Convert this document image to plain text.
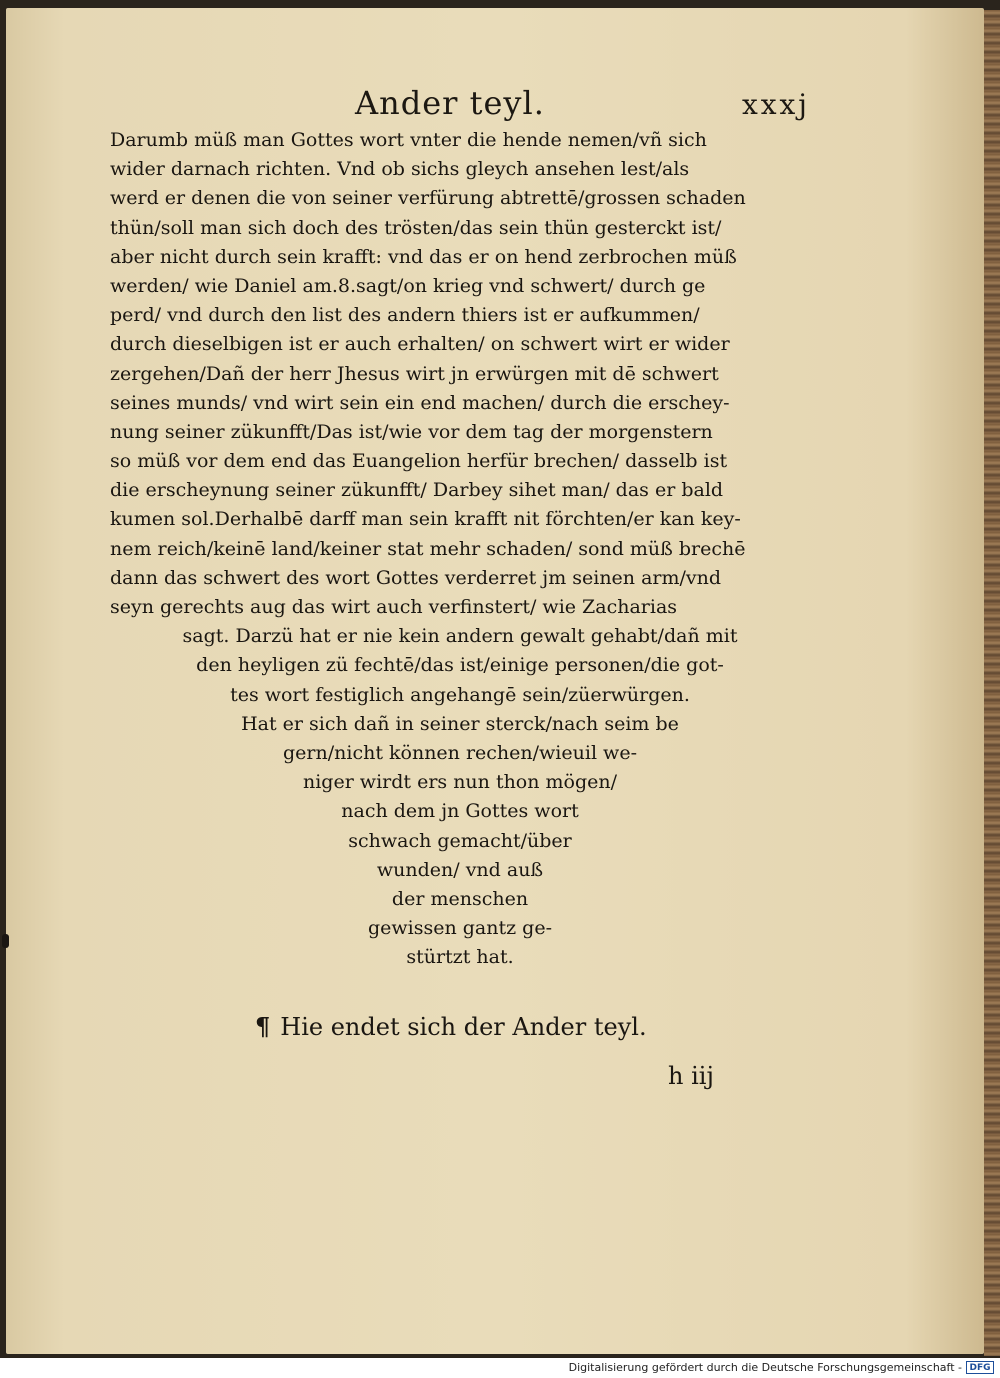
Ander teyl.	xxxj
Darumb müß man Gottes wort vnter die hende nemen/vñ sich
wider darnach richten. Vnd ob sichs gleych ansehen lest/als
werd er denen die von seiner verfürung abtrettē/grossen schaden
thün/soll man sich doch des trösten/das sein thün gesterckt ist/
aber nicht durch sein krafft: vnd das er on hend zerbrochen müß
werden/ wie Daniel am.8.sagt/on krieg vnd schwert/ durch ge
perd/ vnd durch den list des andern thiers ist er aufkummen/
durch dieselbigen ist er auch erhalten/ on schwert wirt er wider
zergehen/Dañ der herr Jhesus wirt jn erwürgen mit dē schwert
seines munds/ vnd wirt sein ein end machen/ durch die erschey-
nung seiner zükunfft/Das ist/wie vor dem tag der morgenstern
so müß vor dem end das Euangelion herfür brechen/ dasselb ist
die erscheynung seiner zükunfft/ Darbey sihet man/ das er bald
kumen sol.Derhalbē darff man sein krafft nit förchten/er kan key-
nem reich/keinē land/keiner stat mehr schaden/ sond müß brechē
dann das schwert des wort Gottes verderret jm seinen arm/vnd
seyn gerechts aug das wirt auch verfinstert/ wie Zacharias
sagt. Darzü hat er nie kein andern gewalt gehabt/dañ mit
den heyligen zü fechtē/das ist/einige personen/die got-
tes wort festiglich angehangē sein/züerwürgen.
Hat er sich dañ in seiner sterck/nach seim be
gern/nicht können rechen/wieuil we-
niger wirdt ers nun thon mögen/
nach dem jn Gottes wort
schwach gemacht/über
wunden/ vnd auß
der menschen
gewissen gantz ge-
stürtzt hat.
¶ Hie endet sich der Ander teyl.
h iij
Digitalisierung gefördert durch die Deutsche Forschungsgemeinschaft - DFG
